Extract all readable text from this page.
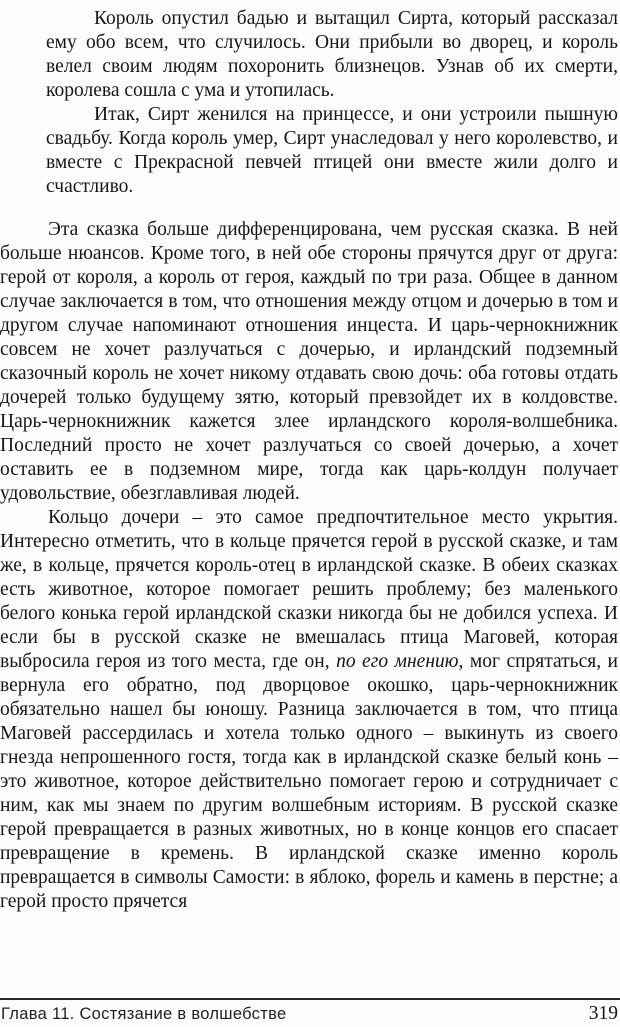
Король опустил бадью и вытащил Сирта, который рассказал ему обо всем, что случилось. Они прибыли во дворец, и король велел своим людям похоронить близнецов. Узнав об их смерти, королева сошла с ума и утопилась.

Итак, Сирт женился на принцессе, и они устроили пышную свадьбу. Когда король умер, Сирт унаследовал у него королевство, и вместе с Прекрасной певчей птицей они вместе жили долго и счастливо.

Эта сказка больше дифференцирована, чем русская сказка. В ней больше нюансов. Кроме того, в ней обе стороны прячутся друг от друга: герой от короля, а король от героя, каждый по три раза. Общее в данном случае заключается в том, что отношения между отцом и дочерью в том и другом случае напоминают отношения инцеста. И царь-чернокнижник совсем не хочет разлучаться с дочерью, и ирландский подземный сказочный король не хочет никому отдавать свою дочь: оба готовы отдать дочерей только будущему зятю, который превзойдет их в колдовстве. Царь-чернокнижник кажется злее ирландского короля-волшебника. Последний просто не хочет разлучаться со своей дочерью, а хочет оставить ее в подземном мире, тогда как царь-колдун получает удовольствие, обезглавливая людей.

Кольцо дочери – это самое предпочтительное место укрытия. Интересно отметить, что в кольце прячется герой в русской сказке, и там же, в кольце, прячется король-отец в ирландской сказке. В обеих сказках есть животное, которое помогает решить проблему; без маленького белого конька герой ирландской сказки никогда бы не добился успеха. И если бы в русской сказке не вмешалась птица Маговей, которая выбросила героя из того места, где он, по его мнению, мог спрятаться, и вернула его обратно, под дворцовое окошко, царь-чернокнижник обязательно нашел бы юношу. Разница заключается в том, что птица Маговей рассердилась и хотела только одного – выкинуть из своего гнезда непрошенного гостя, тогда как в ирландской сказке белый конь – это животное, которое действительно помогает герою и сотрудничает с ним, как мы знаем по другим волшебным историям. В русской сказке герой превращается в разных животных, но в конце концов его спасает превращение в кремень. В ирландской сказке именно король превращается в символы Самости: в яблоко, форель и камень в перстне; а герой просто прячется

Глава 11. Состязание в волшебстве	319
